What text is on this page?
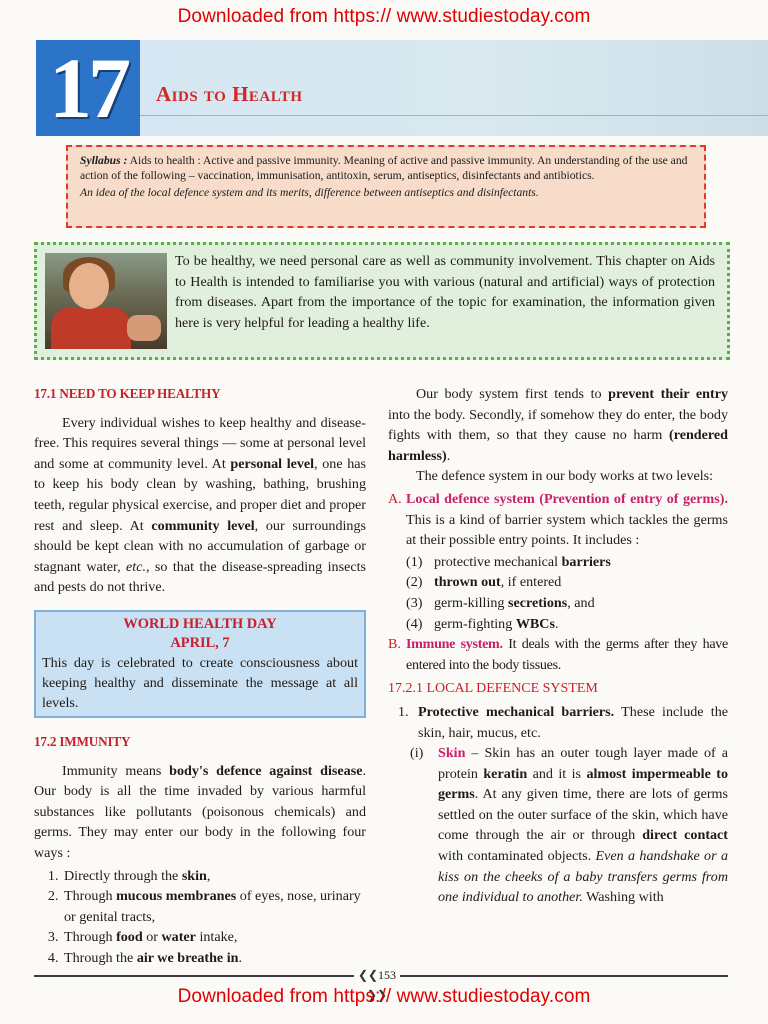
Downloaded from https:// www.studiestoday.com
17 Aids to Health

Syllabus : Aids to health : Active and passive immunity. Meaning of active and passive immunity. An understanding of the use and action of the following – vaccination, immunisation, antitoxin, serum, antiseptics, disinfectants and antibiotics.

An idea of the local defence system and its merits, difference between antiseptics and disinfectants.

To be healthy, we need personal care as well as community involvement. This chapter on Aids to Health is intended to familiarise you with various (natural and artificial) ways of protection from diseases. Apart from the importance of the topic for examination, the information given here is very helpful for leading a healthy life.

17.1 NEED TO KEEP HEALTHY

Every individual wishes to keep healthy and disease-free. This requires several things — some at personal level and some at community level. At personal level, one has to keep his body clean by washing, bathing, brushing teeth, regular physical exercise, and proper diet and proper rest and sleep. At community level, our surroundings should be kept clean with no accumulation of garbage or stagnant water, etc., so that the disease-spreading insects and pests do not thrive.

WORLD HEALTH DAY
APRIL, 7
This day is celebrated to create consciousness about keeping healthy and disseminate the message at all levels.
17.2 IMMUNITY

Immunity means body's defence against disease. Our body is all the time invaded by various harmful substances like pollutants (poisonous chemicals) and germs. They may enter our body in the following four ways :

1. Directly through the skin,
2. Through mucous membranes of eyes, nose, urinary or genital tracts,
3. Through food or water intake,
4. Through the air we breathe in.

Our body system first tends to prevent their entry into the body. Secondly, if somehow they do enter, the body fights with them, so that they cause no harm (rendered harmless).

The defence system in our body works at two levels:

A. Local defence system (Prevention of entry of germs). This is a kind of barrier system which tackles the germs at their possible entry points. It includes :
(1) protective mechanical barriers
(2) thrown out, if entered
(3) germ-killing secretions, and
(4) germ-fighting WBCs.
B. Immune system. It deals with the germs after they have entered into the body tissues.
17.2.1 LOCAL DEFENCE SYSTEM
1. Protective mechanical barriers. These include the skin, hair, mucus, etc.
(i)	Skin – Skin has an outer tough layer made of a protein keratin and it is almost impermeable to germs. At any given time, there are lots of germs settled on the outer surface of the skin, which have come through the air or through direct contact with contaminated objects. Even a handshake or a kiss on the cheeks of a baby transfers germs from one individual to another. Washing with
❮❮ 153 ❯❯
Downloaded from https:// www.studiestoday.com
